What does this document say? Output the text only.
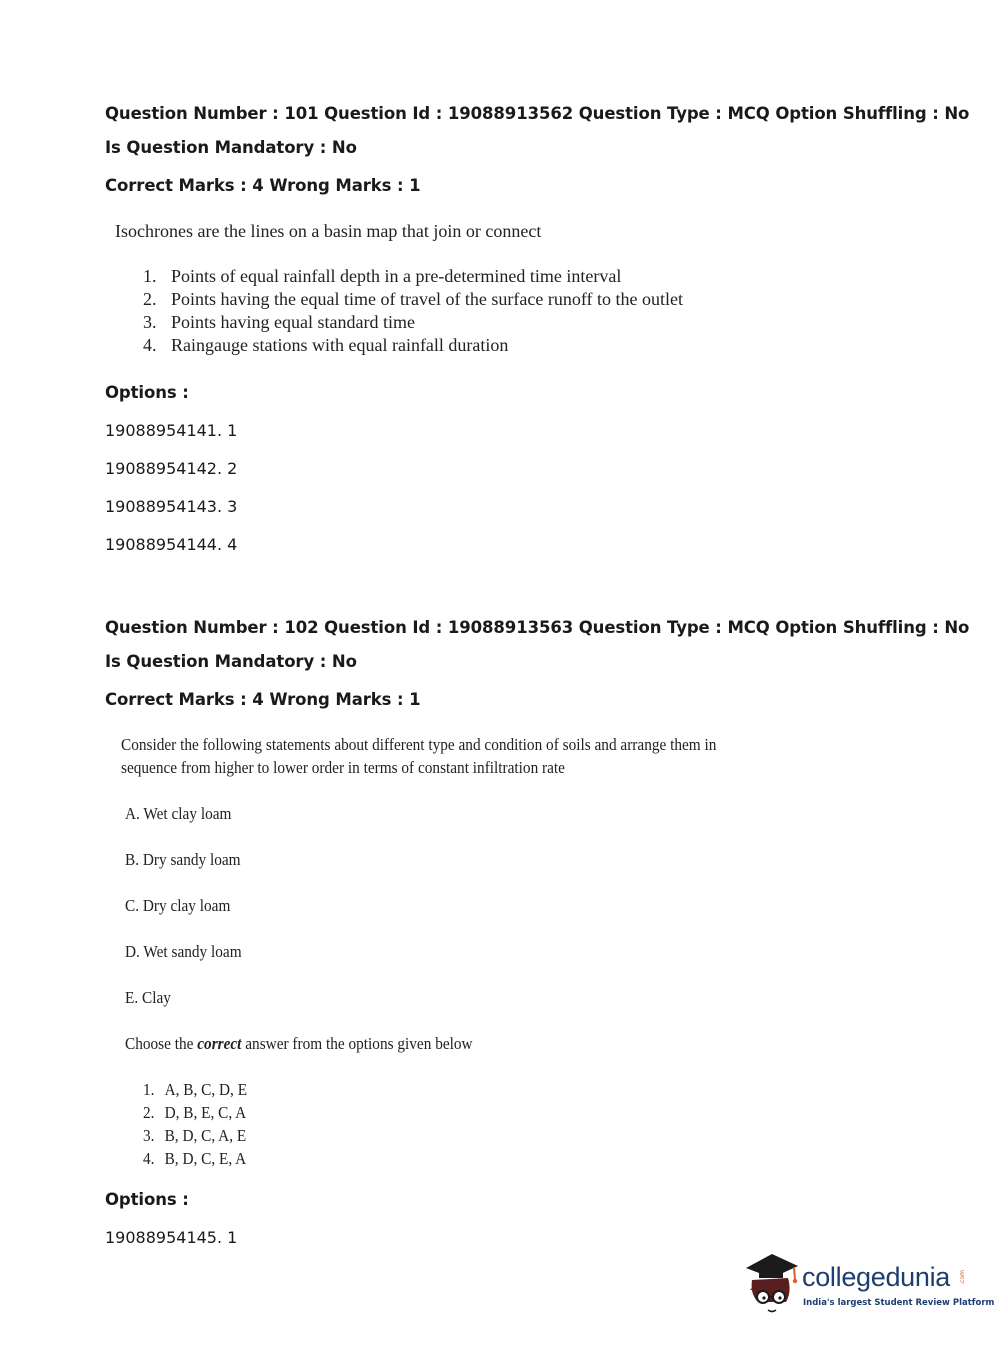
Question Number : 101 Question Id : 19088913562 Question Type : MCQ Option Shuffling : No
Is Question Mandatory : No
Correct Marks : 4 Wrong Marks : 1
Isochrones are the lines on a basin map that join or connect
1. Points of equal rainfall depth in a pre-determined time interval
2. Points having the equal time of travel of the surface runoff to the outlet
3. Points having equal standard time
4. Raingauge stations with equal rainfall duration
Options :
19088954141. 1
19088954142. 2
19088954143. 3
19088954144. 4
Question Number : 102 Question Id : 19088913563 Question Type : MCQ Option Shuffling : No
Is Question Mandatory : No
Correct Marks : 4 Wrong Marks : 1
Consider the following statements about different type and condition of soils and arrange them in
sequence from higher to lower order in terms of constant infiltration rate
A. Wet clay loam
B. Dry sandy loam
C. Dry clay loam
D. Wet sandy loam
E. Clay
Choose the correct answer from the options given below
1. A, B, C, D, E
2. D, B, E, C, A
3. B, D, C, A, E
4. B, D, C, E, A
Options :
19088954145. 1
collegedunia .com
India's largest Student Review Platform
